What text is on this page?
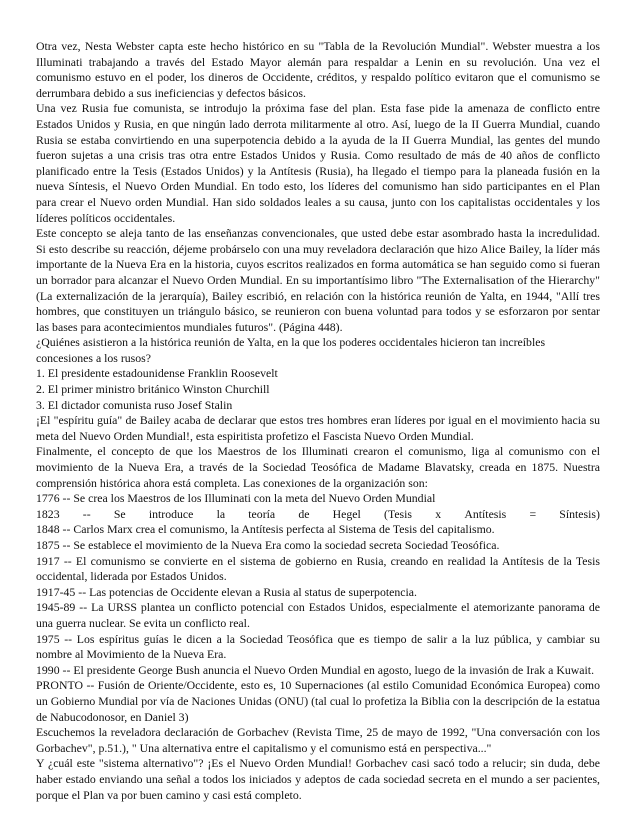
Otra vez, Nesta Webster capta este hecho histórico en su "Tabla de la Revolución Mundial". Webster muestra a los Illuminati trabajando a través del Estado Mayor alemán para respaldar a Lenin en su revolución. Una vez el comunismo estuvo en el poder, los dineros de Occidente, créditos, y respaldo político evitaron que el comunismo se derrumbara debido a sus ineficiencias y defectos básicos.

Una vez Rusia fue comunista, se introdujo la próxima fase del plan. Esta fase pide la amenaza de conflicto entre Estados Unidos y Rusia, en que ningún lado derrota militarmente al otro. Así, luego de la II Guerra Mundial, cuando Rusia se estaba convirtiendo en una superpotencia debido a la ayuda de la II Guerra Mundial, las gentes del mundo fueron sujetas a una crisis tras otra entre Estados Unidos y Rusia. Como resultado de más de 40 años de conflicto planificado entre la Tesis (Estados Unidos) y la Antítesis (Rusia), ha llegado el tiempo para la planeada fusión en la nueva Síntesis, el Nuevo Orden Mundial. En todo esto, los líderes del comunismo han sido participantes en el Plan para crear el Nuevo orden Mundial. Han sido soldados leales a su causa, junto con los capitalistas occidentales y los líderes políticos occidentales.

Este concepto se aleja tanto de las enseñanzas convencionales, que usted debe estar asombrado hasta la incredulidad. Si esto describe su reacción, déjeme probárselo con una muy reveladora declaración que hizo Alice Bailey, la líder más importante de la Nueva Era en la historia, cuyos escritos realizados en forma automática se han seguido como si fueran un borrador para alcanzar el Nuevo Orden Mundial. En su importantísimo libro "The Externalisation of the Hierarchy" (La externalización de la jerarquía), Bailey escribió, en relación con la histórica reunión de Yalta, en 1944, "Allí tres hombres, que constituyen un triángulo básico, se reunieron con buena voluntad para todos y se esforzaron por sentar las bases para acontecimientos mundiales futuros". (Página 448).

¿Quiénes asistieron a la histórica reunión de Yalta, en la que los poderes occidentales hicieron tan increíbles concesiones a los rusos?

1. El presidente estadounidense Franklin Roosevelt

2. El primer ministro británico Winston Churchill

3. El dictador comunista ruso Josef Stalin

¡El "espíritu guía" de Bailey acaba de declarar que estos tres hombres eran líderes por igual en el movimiento hacia su meta del Nuevo Orden Mundial!, esta espiritista profetizo el Fascista Nuevo Orden Mundial.

Finalmente, el concepto de que los Maestros de los Illuminati crearon el comunismo, liga al comunismo con el movimiento de la Nueva Era, a través de la Sociedad Teosófica de Madame Blavatsky, creada en 1875. Nuestra comprensión histórica ahora está completa. Las conexiones de la organización son:

1776 -- Se crea los Maestros de los Illuminati con la meta del Nuevo Orden Mundial

1823 -- Se introduce la teoría de Hegel (Tesis x Antítesis = Síntesis)

1848 -- Carlos Marx crea el comunismo, la Antítesis perfecta al Sistema de Tesis del capitalismo.

1875 -- Se establece el movimiento de la Nueva Era como la sociedad secreta Sociedad Teosófica.

1917 -- El comunismo se convierte en el sistema de gobierno en Rusia, creando en realidad la Antítesis de la Tesis occidental, liderada por Estados Unidos.

1917-45 -- Las potencias de Occidente elevan a Rusia al status de superpotencia.

1945-89 -- La URSS plantea un conflicto potencial con Estados Unidos, especialmente el atemorizante panorama de una guerra nuclear. Se evita un conflicto real.

1975 -- Los espíritus guías le dicen a la Sociedad Teosófica que es tiempo de salir a la luz pública, y cambiar su nombre al Movimiento de la Nueva Era.

1990 -- El presidente George Bush anuncia el Nuevo Orden Mundial en agosto, luego de la invasión de Irak a Kuwait.

PRONTO -- Fusión de Oriente/Occidente, esto es, 10 Supernaciones (al estilo Comunidad Económica Europea) como un Gobierno Mundial por vía de Naciones Unidas (ONU) (tal cual lo profetiza la Biblia con la descripción de la estatua de Nabucodonosor, en Daniel 3)

Escuchemos la reveladora declaración de Gorbachev (Revista Time, 25 de mayo de 1992, "Una conversación con los Gorbachev", p.51.), " Una alternativa entre el capitalismo y el comunismo está en perspectiva..."

Y ¿cuál este "sistema alternativo"? ¡Es el Nuevo Orden Mundial! Gorbachev casi sacó todo a relucir; sin duda, debe haber estado enviando una señal a todos los iniciados y adeptos de cada sociedad secreta en el mundo a ser pacientes, porque el Plan va por buen camino y casi está completo.
